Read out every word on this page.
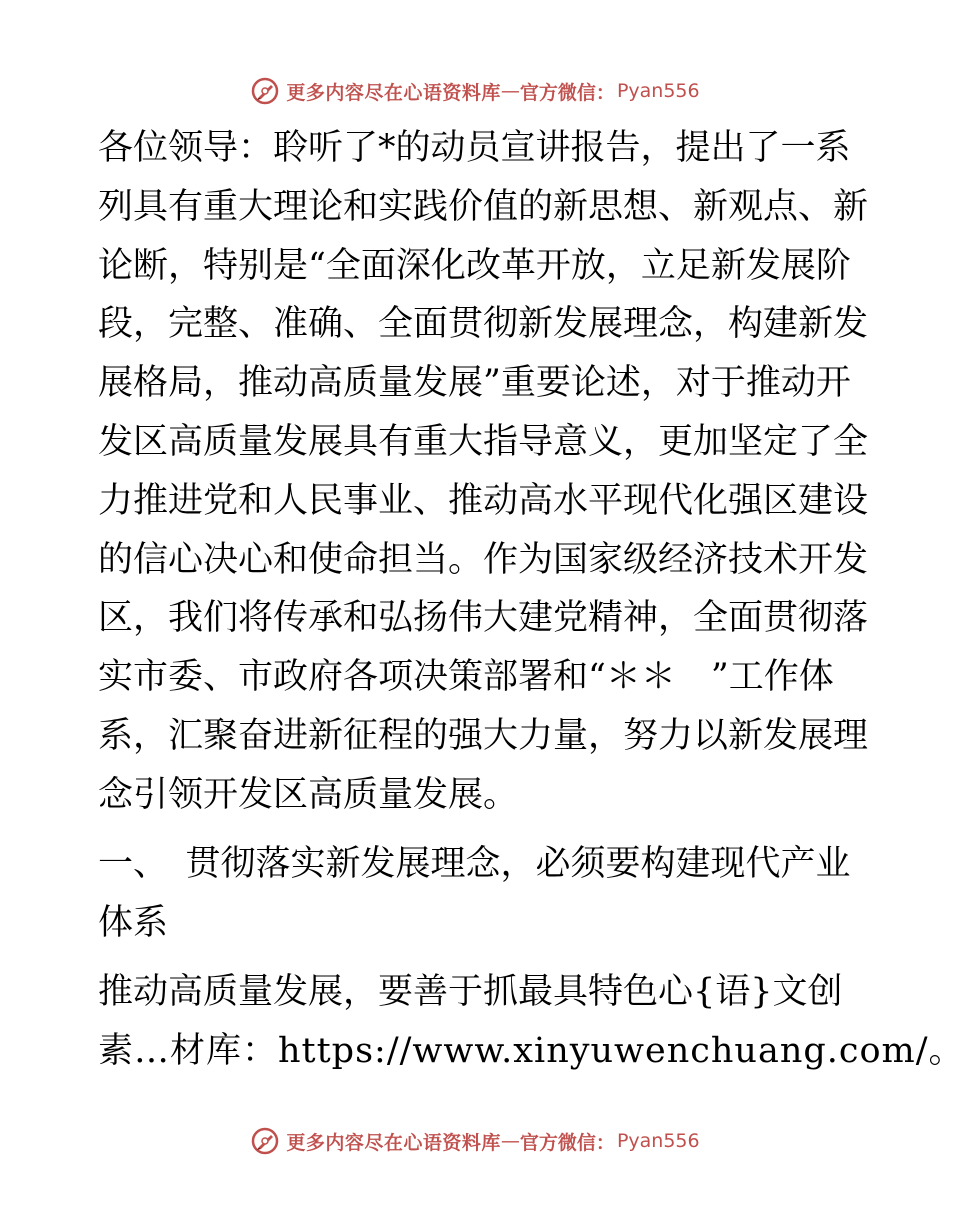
更多内容尽在心语资料库 — 官方微信： Pyan556
各位领导：聆听了*的动员宣讲报告，提出了一系
列具有重大理论和实践价值的新思想、新观点、新
论断，特别是“全面深化改革开放，立足新发展阶
段，完整、准确、全面贯彻新发展理念，构建新发
展格局，推动高质量发展”重要论述，对于推动开
发区高质量发展具有重大指导意义，更加坚定了全
力推进党和人民事业、推动高水平现代化强区建设
的信心决心和使命担当。作为国家级经济技术开发
区，我们将传承和弘扬伟大建党精神，全面贯彻落
实市委、市政府各项决策部署和“＊＊　”工作体
系，汇聚奋进新征程的强大力量，努力以新发展理
念引领开发区高质量发展。
一、　贯彻落实新发展理念，必须要构建现代产业
体系
推动高质量发展，要善于抓最具特色心{语}文创
素…材库：https://www.xinyuwenchuang.com/。
更多内容尽在心语资料库 — 官方微信： Pyan556
